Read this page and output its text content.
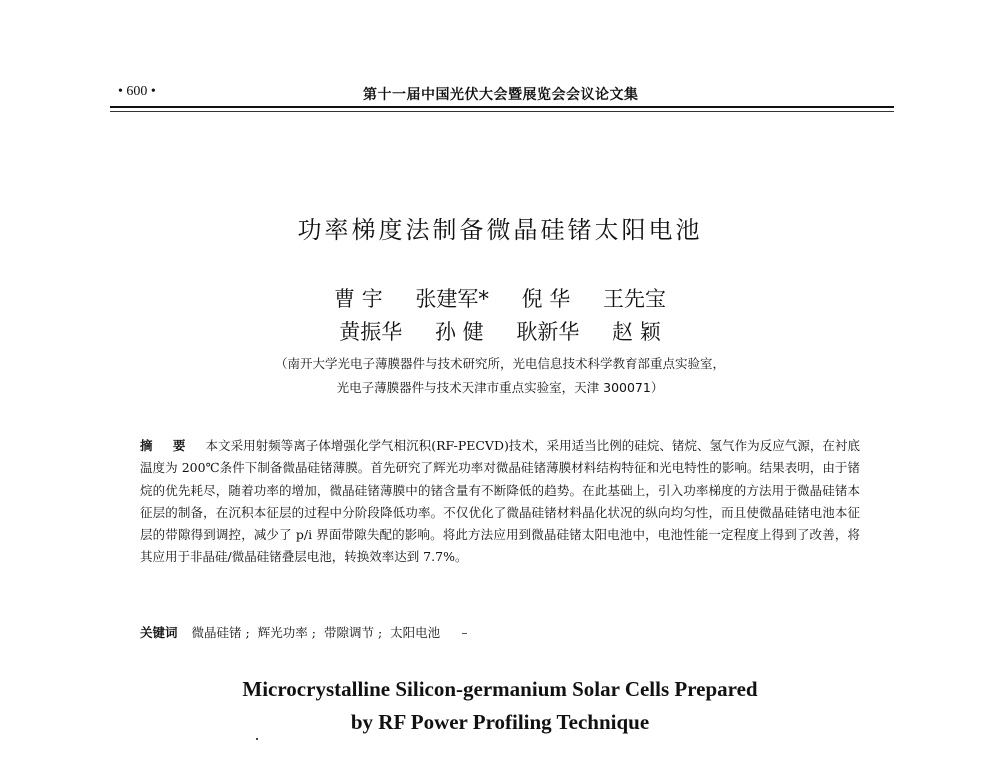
• 600 •	第十一届中国光伏大会暨展览会会议论文集
功率梯度法制备微晶硅锗太阳电池
曹 宇 张建军* 倪 华 王先宝
黄振华 孙 健 耿新华 赵 颖
（南开大学光电子薄膜器件与技术研究所，光电信息技术科学教育部重点实验室，
光电子薄膜器件与技术天津市重点实验室，天津 300071）
摘 要 本文采用射频等离子体增强化学气相沉积(RF-PECVD)技术，采用适当比例的硅烷、锗烷、氢气作为反应气源，在衬底温度为 200℃条件下制备微晶硅锗薄膜。首先研究了辉光功率对微晶硅锗薄膜材料结构特征和光电特性的影响。结果表明，由于锗烷的优先耗尽，随着功率的增加，微晶硅锗薄膜中的锗含量有不断降低的趋势。在此基础上，引入功率梯度的方法用于微晶硅锗本征层的制备，在沉积本征层的过程中分阶段降低功率。不仅优化了微晶硅锗材料晶化状况的纵向均匀性，而且使微晶硅锗电池本征层的带隙得到调控，减少了 p/i 界面带隙失配的影响。将此方法应用到微晶硅锗太阳电池中，电池性能一定程度上得到了改善，将其应用于非晶硅/微晶硅锗叠层电池，转换效率达到 7.7%。
关键词 微晶硅锗 ; 辉光功率 ; 带隙调节 ; 太阳电池
Microcrystalline Silicon-germanium Solar Cells Prepared
by RF Power Profiling Technique
